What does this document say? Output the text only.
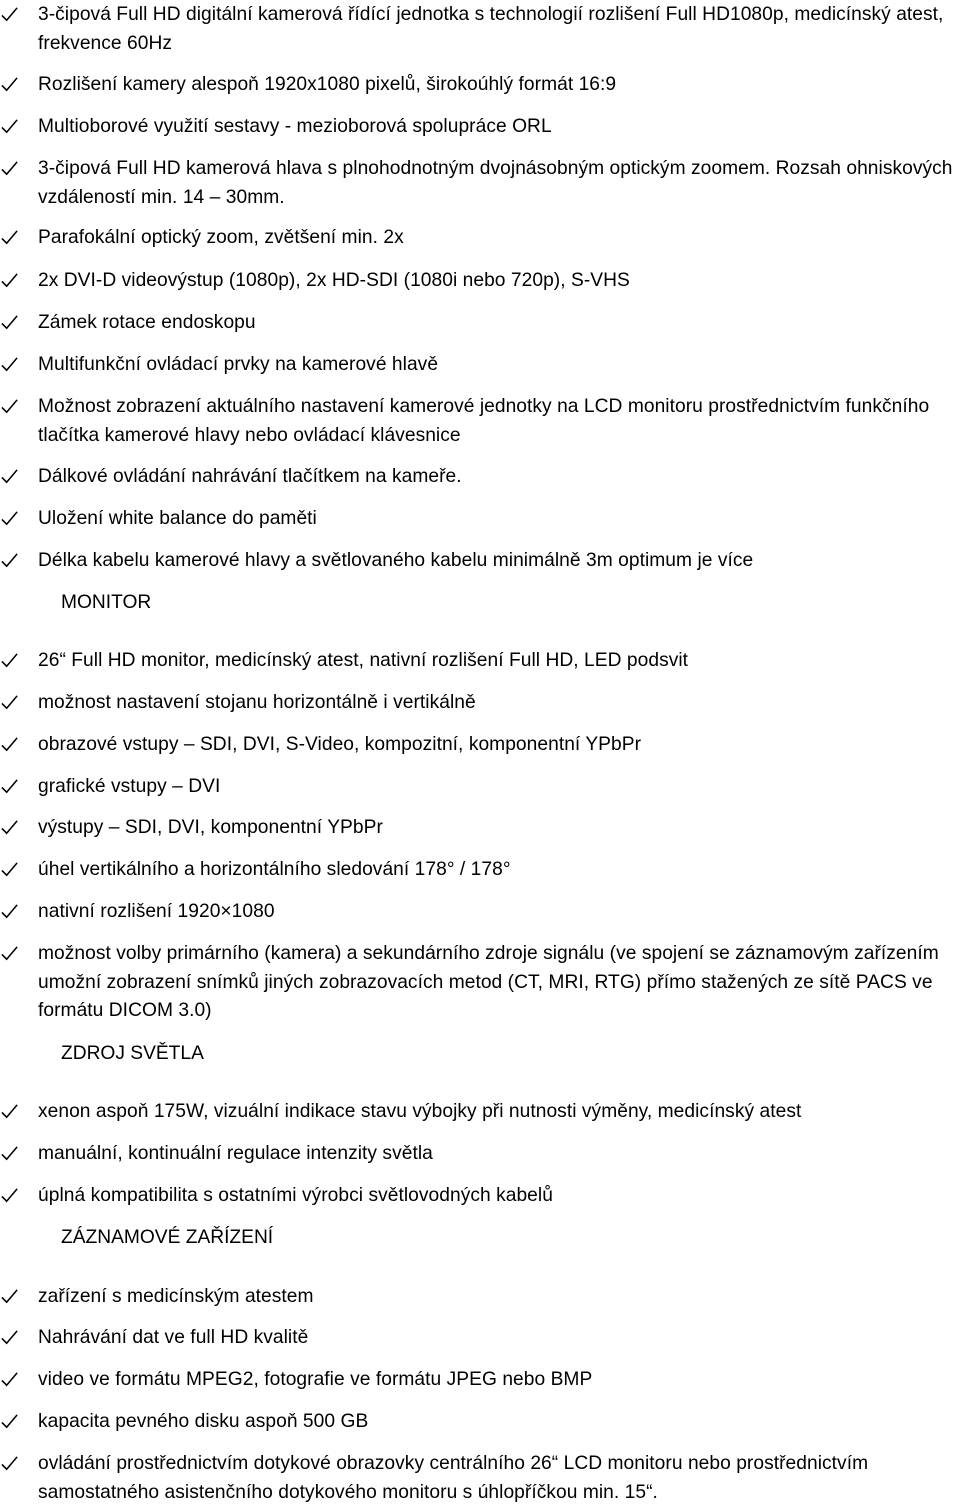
3-čipová Full HD digitální kamerová řídící jednotka s technologií rozlišení Full HD1080p, medicínský atest, frekvence 60Hz
Rozlišení kamery alespoň 1920x1080 pixelů, širokoúhlý formát 16:9
Multioborové využití sestavy - mezioborová spolupráce ORL
3-čipová Full HD kamerová hlava s plnohodnotným dvojnásobným optickým zoomem. Rozsah ohniskových vzdáleností min. 14 – 30mm.
Parafokální optický zoom, zvětšení min. 2x
2x DVI-D videovýstup (1080p), 2x HD-SDI (1080i nebo 720p), S-VHS
Zámek rotace endoskopu
Multifunkční ovládací prvky na kamerové hlavě
Možnost zobrazení aktuálního nastavení kamerové jednotky na LCD monitoru prostřednictvím funkčního tlačítka kamerové hlavy nebo ovládací klávesnice
Dálkové ovládání nahrávání tlačítkem na kameře.
Uložení white balance do paměti
Délka kabelu kamerové hlavy a světlovaného kabelu minimálně 3m optimum je více
MONITOR
26“ Full HD monitor, medicínský atest, nativní rozlišení Full HD, LED podsvit
možnost nastavení stojanu horizontálně i vertikálně
obrazové vstupy – SDI, DVI, S-Video, kompozitní, komponentní YPbPr
grafické vstupy – DVI
výstupy – SDI, DVI, komponentní YPbPr
úhel vertikálního a horizontálního sledování 178° / 178°
nativní rozlišení 1920×1080
možnost volby primárního (kamera) a sekundárního zdroje signálu (ve spojení se záznamovým zařízením umožní zobrazení snímků jiných zobrazovacích metod (CT, MRI, RTG) přímo stažených ze sítě PACS ve formátu DICOM 3.0)
ZDROJ SVĚTLA
xenon aspoň 175W, vizuální indikace stavu výbojky při nutnosti výměny, medicínský atest
manuální, kontinuální regulace intenzity světla
úplná kompatibilita s ostatními výrobci světlovodných kabelů
ZÁZNAMOVÉ ZAŘÍZENÍ
zařízení s medicínským atestem
Nahrávání dat ve full HD kvalitě
video ve formátu MPEG2, fotografie ve formátu JPEG nebo BMP
kapacita pevného disku aspoň 500 GB
ovládání prostřednictvím dotykové obrazovky centrálního 26“ LCD monitoru nebo prostřednictvím samostatného asistenčního dotykového monitoru s úhlopříčkou min. 15“.
